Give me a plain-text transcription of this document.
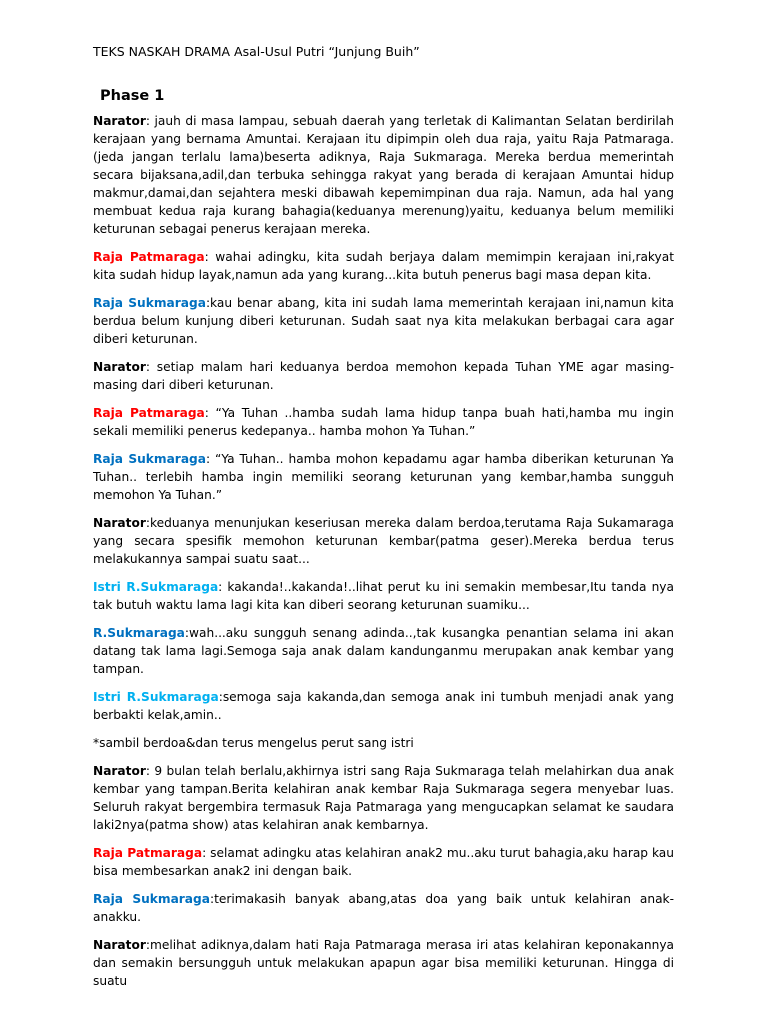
TEKS NASKAH DRAMA Asal-Usul Putri “Junjung Buih”
Phase 1

Narator: jauh di masa lampau, sebuah daerah yang terletak di Kalimantan Selatan berdirilah kerajaan yang bernama Amuntai. Kerajaan itu dipimpin oleh dua raja, yaitu Raja Patmaraga.(jeda jangan terlalu lama)beserta adiknya, Raja Sukmaraga. Mereka berdua memerintah secara bijaksana,adil,dan terbuka sehingga rakyat yang berada di kerajaan Amuntai hidup makmur,damai,dan sejahtera meski dibawah kepemimpinan dua raja. Namun, ada hal yang membuat kedua raja kurang bahagia(keduanya merenung)yaitu, keduanya belum memiliki keturunan sebagai penerus kerajaan mereka.

Raja Patmaraga: wahai adingku, kita sudah berjaya dalam memimpin kerajaan ini,rakyat kita sudah hidup layak,namun ada yang kurang...kita butuh penerus bagi masa depan kita.

Raja Sukmaraga:kau benar abang, kita ini sudah lama memerintah kerajaan ini,namun kita berdua belum kunjung diberi keturunan. Sudah saat nya kita melakukan berbagai cara agar diberi keturunan.

Narator: setiap malam hari keduanya berdoa memohon kepada Tuhan YME agar masing-masing dari diberi keturunan.

Raja Patmaraga: “Ya Tuhan ..hamba sudah lama hidup tanpa buah hati,hamba mu ingin sekali memiliki penerus kedepanya.. hamba mohon Ya Tuhan.”

Raja Sukmaraga: “Ya Tuhan.. hamba mohon kepadamu agar hamba diberikan keturunan Ya Tuhan.. terlebih hamba ingin memiliki seorang keturunan yang kembar,hamba sungguh memohon Ya Tuhan.”

Narator:keduanya menunjukan keseriusan mereka dalam berdoa,terutama Raja Sukamaraga yang secara spesifik memohon keturunan kembar(patma geser).Mereka berdua terus melakukannya sampai suatu saat...

Istri R.Sukmaraga: kakanda!..kakanda!..lihat perut ku ini semakin membesar,Itu tanda nya tak butuh waktu lama lagi kita kan diberi seorang keturunan suamiku...

R.Sukmaraga:wah...aku sungguh senang adinda..,tak kusangka penantian selama ini akan datang tak lama lagi.Semoga saja anak dalam kandunganmu merupakan anak kembar yang tampan.

Istri R.Sukmaraga:semoga saja kakanda,dan semoga anak ini tumbuh menjadi anak yang berbakti kelak,amin..

*sambil berdoa&dan terus mengelus perut sang istri

Narator: 9 bulan telah berlalu,akhirnya istri sang Raja Sukmaraga telah melahirkan dua anak kembar yang tampan.Berita kelahiran anak kembar Raja Sukmaraga segera menyebar luas. Seluruh rakyat bergembira termasuk Raja Patmaraga yang mengucapkan selamat ke saudara laki2nya(patma show) atas kelahiran anak kembarnya.

Raja Patmaraga: selamat adingku atas kelahiran anak2 mu..aku turut bahagia,aku harap kau bisa membesarkan anak2 ini dengan baik.

Raja Sukmaraga:terimakasih banyak abang,atas doa yang baik untuk kelahiran anak- anakku.

Narator:melihat adiknya,dalam hati Raja Patmaraga merasa iri atas kelahiran keponakannya dan semakin bersungguh untuk melakukan apapun agar bisa memiliki keturunan. Hingga di suatu
